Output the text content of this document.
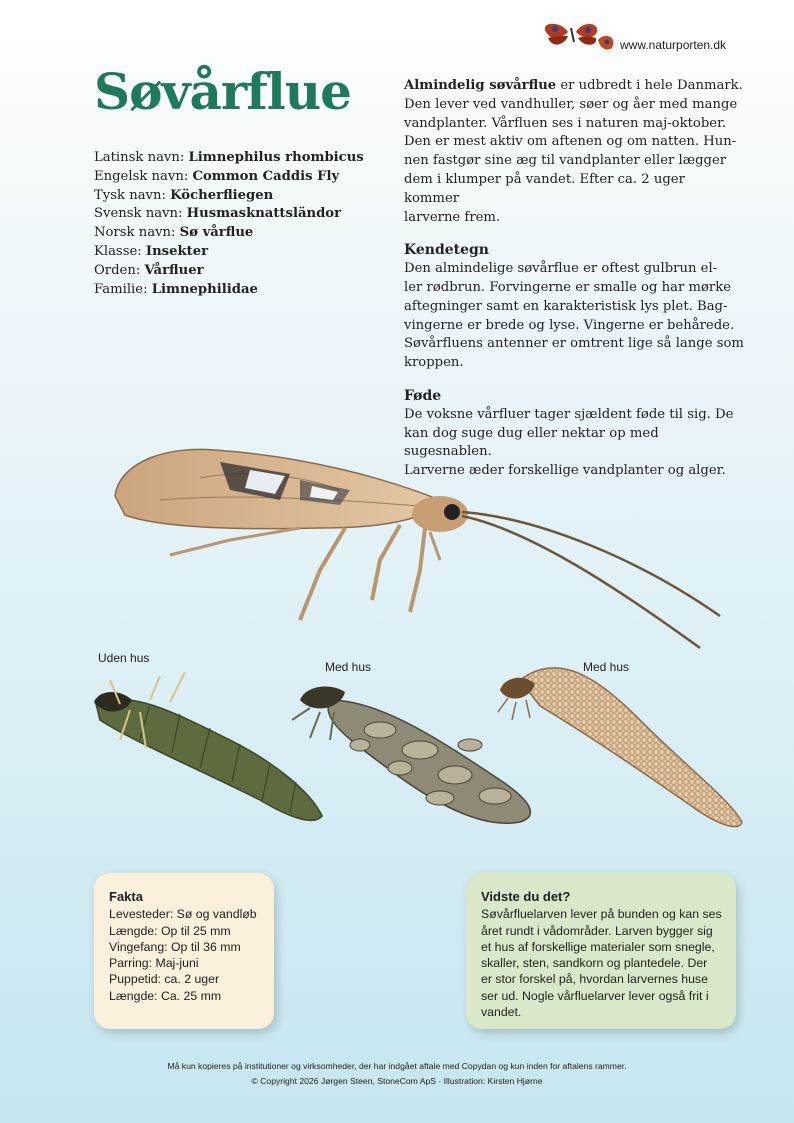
www.naturporten.dk
Søvårflue
Latinsk navn: Limnephilus rhombicus
Engelsk navn: Common Caddis Fly
Tysk navn: Köcherfliegen
Svensk navn: Husmasknattsländor
Norsk navn: Sø vårflue
Klasse: Insekter
Orden: Vårfluer
Familie: Limnephilidae

Almindelig søvårflue er udbredt i hele Danmark.
Den lever ved vandhuller, søer og åer med mange
vandplanter. Vårfluen ses i naturen maj-oktober.
Den er mest aktiv om aftenen og om natten. Hun-
nen fastgør sine æg til vandplanter eller lægger
dem i klumper på vandet. Efter ca. 2 uger kommer
larverne frem.

Kendetegn

Den almindelige søvårflue er oftest gulbrun el-
ler rødbrun. Forvingerne er smalle og har mørke
aftegninger samt en karakteristisk lys plet. Bag-
vingerne er brede og lyse. Vingerne er behårede.
Søvårfluens antenner er omtrent lige så lange som
kroppen.

Føde

De voksne vårfluer tager sjældent føde til sig. De
kan dog suge dug eller nektar op med sugesnablen.
Larverne æder forskellige vandplanter og alger.

Uden hus
Med hus	Med hus
Fakta
Levesteder: Sø og vandløb
Længde: Op til 25 mm
Vingefang: Op til 36 mm
Parring: Maj-juni
Puppetid: ca. 2 uger
Længde: Ca. 25 mm
Vidste du det?
Søvårfluelarven lever på bunden og kan ses
året rundt i vådområder. Larven bygger sig
et hus af forskellige materialer som snegle,
skaller, sten, sandkorn og plantedele. Der
er stor forskel på, hvordan larvernes huse
ser ud. Nogle vårfluelarver lever også frit i
vandet.
Må kun kopieres på institutioner og virksomheder, der har indgået aftale med Copydan og kun inden for aftalens rammer.
© Copyright 2026 Jørgen Steen, StoneCom ApS · Illustration: Kirsten Hjørne
